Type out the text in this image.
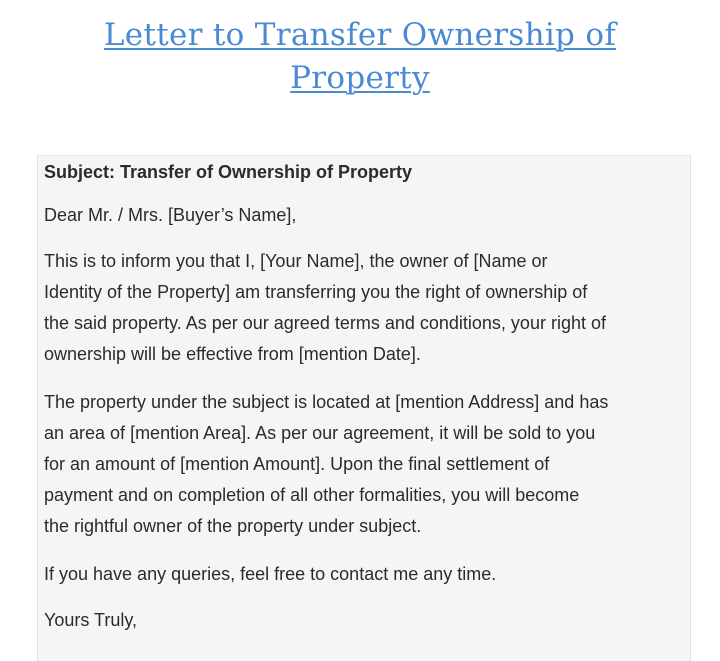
Letter to Transfer Ownership of
Property
Subject: Transfer of Ownership of Property
Dear Mr. / Mrs. [Buyer’s Name],
This is to inform you that I, [Your Name], the owner of [Name or
Identity of the Property] am transferring you the right of ownership of
the said property. As per our agreed terms and conditions, your right of
ownership will be effective from [mention Date].
The property under the subject is located at [mention Address] and has
an area of [mention Area]. As per our agreement, it will be sold to you
for an amount of [mention Amount]. Upon the final settlement of
payment and on completion of all other formalities, you will become
the rightful owner of the property under subject.
If you have any queries, feel free to contact me any time.
Yours Truly,
